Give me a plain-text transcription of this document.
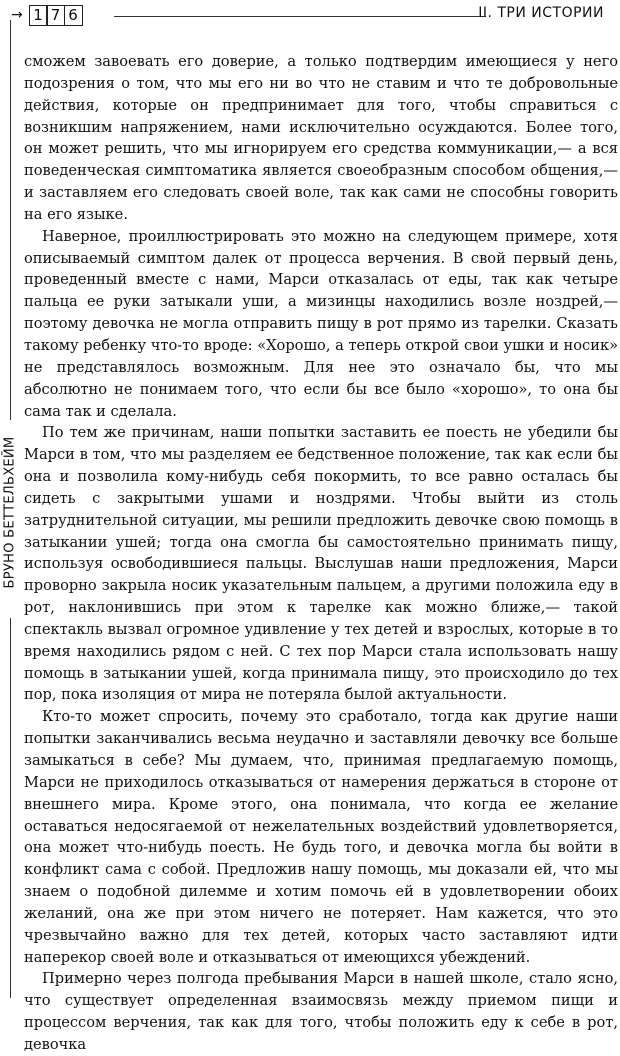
→ 1 7 6	II. ТРИ ИСТОРИИ
БРУНО БЕТТЕЛЬХЕЙМ

сможем завоевать его доверие, а только подтвердим имеющиеся у него подозрения о том, что мы его ни во что не ставим и что те добровольные действия, которые он предпринимает для того, чтобы справиться с возникшим напряжением, нами исключительно осуждаются. Более того, он может решить, что мы игнорируем его средства коммуникации,— а вся поведенческая симптоматика является своеобразным способом общения,— и заставляем его следовать своей воле, так как сами не способны говорить на его языке.

Наверное, проиллюстрировать это можно на следующем примере, хотя описываемый симптом далек от процесса верчения. В свой первый день, проведенный вместе с нами, Марси отказалась от еды, так как четыре пальца ее руки затыкали уши, а мизинцы находились возле ноздрей,— поэтому девочка не могла отправить пищу в рот прямо из тарелки. Сказать такому ребенку что-то вроде: «Хорошо, а теперь открой свои ушки и носик» не представлялось возможным. Для нее это означало бы, что мы абсолютно не понимаем того, что если бы все было «хорошо», то она бы сама так и сделала.

По тем же причинам, наши попытки заставить ее поесть не убедили бы Марси в том, что мы разделяем ее бедственное положение, так как если бы она и позволила кому-нибудь себя покормить, то все равно осталась бы сидеть с закрытыми ушами и ноздрями. Чтобы выйти из столь затруднительной ситуации, мы решили предложить девочке свою помощь в затыкании ушей; тогда она смогла бы самостоятельно принимать пищу, используя освободившиеся пальцы. Выслушав наши предложения, Марси проворно закрыла носик указательным пальцем, а другими положила еду в рот, наклонившись при этом к тарелке как можно ближе,— такой спектакль вызвал огромное удивление у тех детей и взрослых, которые в то время находились рядом с ней. С тех пор Марси стала использовать нашу помощь в затыкании ушей, когда принимала пищу, это происходило до тех пор, пока изоляция от мира не потеряла былой актуальности.

Кто-то может спросить, почему это сработало, тогда как другие наши попытки заканчивались весьма неудачно и заставляли девочку все больше замыкаться в себе? Мы думаем, что, принимая предлагаемую помощь, Марси не приходилось отказываться от намерения держаться в стороне от внешнего мира. Кроме этого, она понимала, что когда ее желание оставаться недосягаемой от нежелательных воздействий удовлетворяется, она может что-нибудь поесть. Не будь того, и девочка могла бы войти в конфликт сама с собой. Предложив нашу помощь, мы доказали ей, что мы знаем о подобной дилемме и хотим помочь ей в удовлетворении обоих желаний, она же при этом ничего не потеряет. Нам кажется, что это чрезвычайно важно для тех детей, которых часто заставляют идти наперекор своей воле и отказываться от имеющихся убеждений.

Примерно через полгода пребывания Марси в нашей школе, стало ясно, что существует определенная взаимосвязь между приемом пищи и процессом верчения, так как для того, чтобы положить еду к себе в рот, девочка
